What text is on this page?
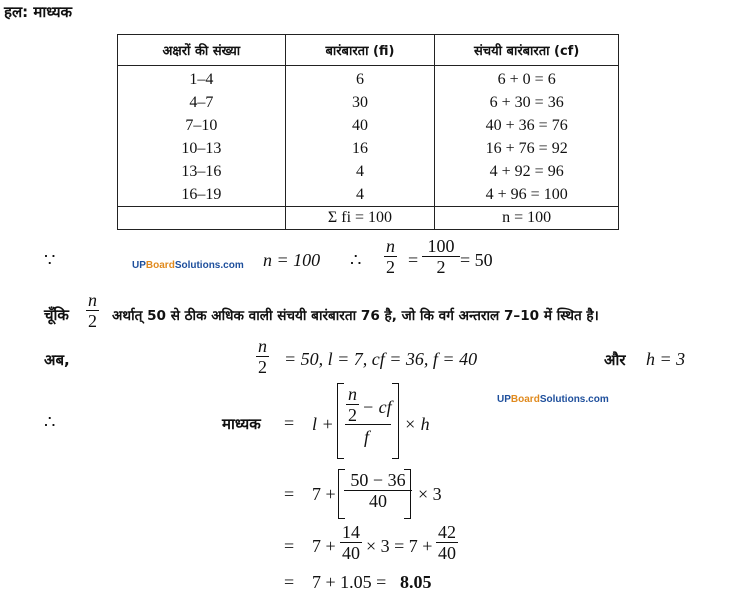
हल: माध्यक
अक्षरों की संख्या	बारंबारता (fi)	संचयी बारंबारता (cf)
1–4	6	6 + 0 = 6
4–7	30	6 + 30 = 36
7–10	40	40 + 36 = 76
10–13	16	16 + 76 = 92
13–16	4	4 + 92 = 96
16–19	4	4 + 96 = 100
	Σ fi = 100	n = 100
∵	UPBoardSolutions.com n = 100 ∴ $\frac{n}{2} = \frac{100}{2} = 50$
चूँकि $\frac{n}{2}$ अर्थात् 50 से ठीक अधिक वाली संचयी बारंबारता 76 है, जो कि वर्ग अन्तराल 7–10 में स्थित है।
अब,	$\frac{n}{2} = 50$, l = 7, cf = 36, f = 40	और h = 3
UPBoardSolutions.com
∴	माध्यक = $l + \frac{n}{2}$ − cf
f
× h
= $7 + \frac{50 - 36}{40} \times 3$
= $7 + \frac{14}{40} \times 3 = 7 + \frac{42}{40}$
= 7 + 1.05 = 8.05
